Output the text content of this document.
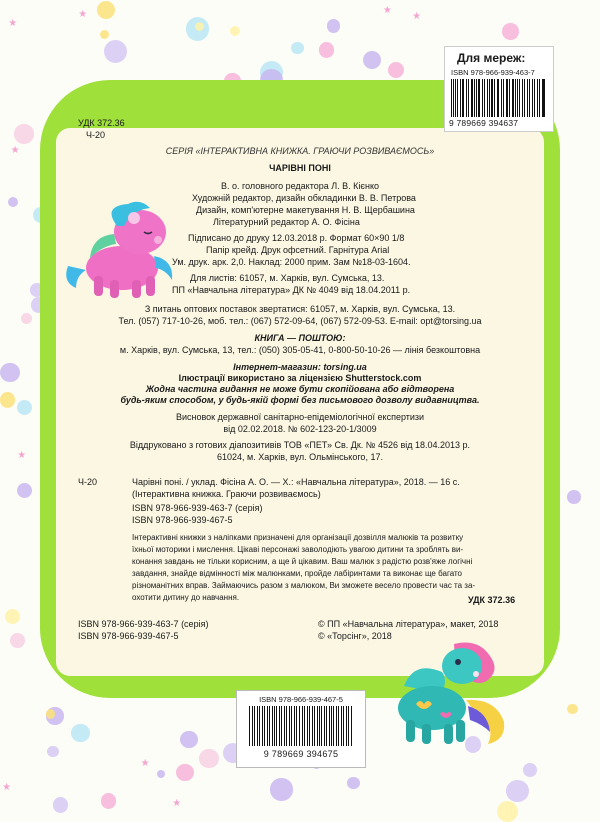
★
★
★	★
★
★
★
★
★
Для мереж:
ISBN 978-966-939-463-7
9 789669 394637
УДК 372.36
Ч-20
СЕРІЯ «ІНТЕРАКТИВНА КНИЖКА. ГРАЮЧИ РОЗВИВАЄМОСЬ»
ЧАРІВНІ ПОНІ
В. о. головного редактора Л. В. Кієнко
Художній редактор, дизайн обкладинки В. В. Петрова
Дизайн, комп'ютерне макетування Н. В. Щербашина
Літературний редактор А. О. Фісіна
Підписано до друку 12.03.2018 р. Формат 60×90 1/8
Папір крейд. Друк офсетний. Гарнітура Arial
Ум. друк. арк. 2,0. Наклад: 2000 прим. Зам №18-03-1604.
Для листів: 61057, м. Харків, вул. Сумська, 13.
ПП «Навчальна література» ДК № 4049 від 18.04.2011 р.
З питань оптових поставок звертатися: 61057, м. Харків, вул. Сумська, 13.
Тел. (057) 717-10-26, моб. тел.: (067) 572-09-64, (067) 572-09-53. E-mail: opt@torsing.ua
КНИГА — ПОШТОЮ:
м. Харків, вул. Сумська, 13, тел.: (050) 305-05-41, 0-800-50-10-26 — лінія безкоштовна
Інтернет-магазин: torsing.ua
Ілюстрації використано за ліцензією Shutterstock.com
Жодна частина видання не може бути скопійована або відтворена
будь-яким способом, у будь-якій формі без письмового дозволу видавництва.
Висновок державної санітарно-епідеміологічної експертизи
від 02.02.2018. № 602-123-20-1/3009
Віддруковано з готових діапозитивів ТОВ «ПЕТ» Св. Дк. № 4526 від 18.04.2013 р.
61024, м. Харків, вул. Ольмінського, 17.
Ч-20	Чарівні поні. / уклад. Фісіна А. О. — Х.: «Навчальна література», 2018. — 16 с.
(Інтерактивна книжка. Граючи розвиваємось)
ISBN 978-966-939-463-7 (серія)
ISBN 978-966-939-467-5
Інтерактивні книжки з наліпками призначені для організації дозвілля малюків та розвитку
їхньої моторики і мислення. Цікаві персонажі заволодіють увагою дитини та зроблять ви-
конання завдань не тільки корисним, а ще й цікавим. Ваш малюк з радістю розв'яже логічні
завдання, знайде відмінності між малюнками, пройде лабіринтами та виконає ще багато
різноманітних вправ. Займаючись разом з малюком, Ви зможете весело провести час та за-
охотити дитину до навчання.	УДК 372.36
ISBN 978-966-939-463-7 (серія)
ISBN 978-966-939-467-5
© ПП «Навчальна література», макет, 2018
© «Торсінг», 2018
ISBN 978-966-939-467-5
9 789669 394675
